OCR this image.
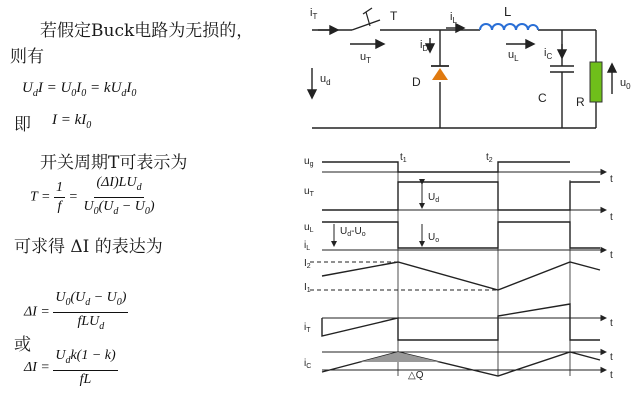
若假定Buck电路为无损的，
则有
$U_dI = U_0I_0 = kU_dI_0$
即 $I = kI_0$
开关周期T可表示为
$T = \frac{1}{f} = \frac{(\Delta I)LU_d}{U_0(U_d - U_0)}$
可求得 ΔI 的表达为
$\Delta I = \frac{U_0(U_d - U_0)}{fLU_d}$
或
$\Delta I = \frac{U_dk(1 - k)}{fL}$
$i_T$	T	$i_L$
L
$u_T$
$i_D$
$u_L$ $i_C$
$u_d$	D
C R
$u_0$
$u_g$
$t_1$	$t_2$
t
t
t
t
t
t
$u_T$	$U_d$
$u_L$	$U_d-U_o$	$U_o$
$i_L$
$I_2$
$I_1$
$i_T$
$i_C$
△Q
